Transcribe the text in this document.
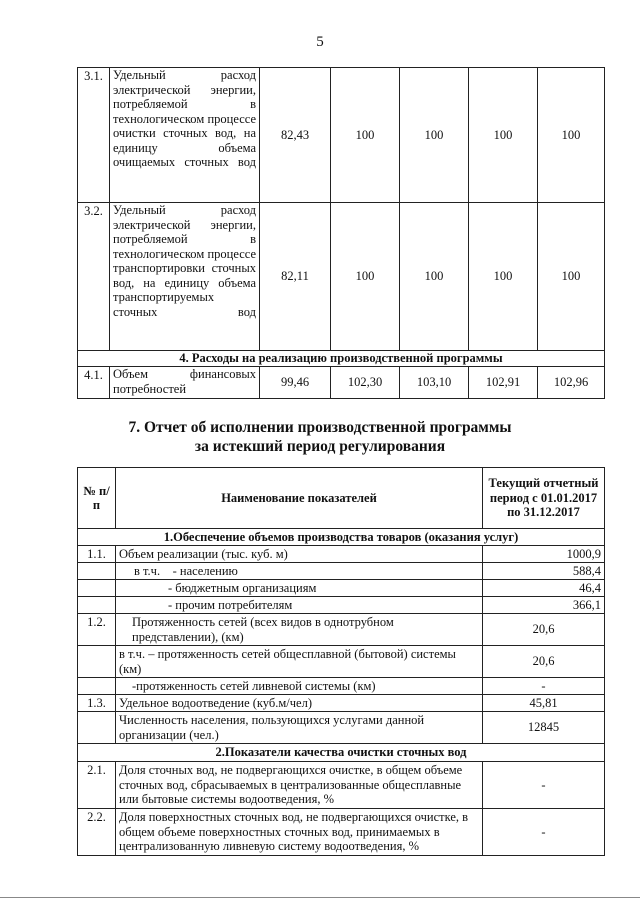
5
3.1.	Удельный расход электрической энергии, потребляемой в технологическом процессе очистки сточных вод, на единицу объема очищаемых сточных вод	82,43	100	100	100	100
3.2.	Удельный расход электрической энергии, потребляемой в технологическом процессе транспортировки сточных вод, на единицу объема транспортируемых сточных вод	82,11	100	100	100	100
4. Расходы на реализацию производственной программы						
4.1.	Объем финансовых потребностей	99,46	102,30	103,10	102,91	102,96
7. Отчет об исполнении производственной программы
за истекший период регулирования
№ п/п	Наименование показателей	Текущий отчетный период с 01.01.2017 по 31.12.2017
1.Обеспечение объемов производства товаров (оказания услуг)		
1.1.	Объем реализации (тыс. куб. м)	1000,9
	в т.ч.    - населению	588,4
	- бюджетным организациям	46,4
	- прочим потребителям	366,1
1.2.	Протяженность сетей (всех видов в однотрубном представлении), (км)	20,6
	в т.ч. – протяженность сетей общесплавной (бытовой) системы (км)	20,6
	-протяженность сетей ливневой системы (км)	-
1.3.	Удельное водоотведение (куб.м/чел)	45,81
	Численность населения, пользующихся услугами данной организации (чел.)	12845
2.Показатели качества очистки сточных вод		
2.1.	Доля сточных вод, не подвергающихся очистке, в общем объеме сточных вод, сбрасываемых в централизованные общесплавные или бытовые системы водоотведения, %	-
2.2.	Доля поверхностных сточных вод, не подвергающихся очистке, в общем объеме поверхностных сточных вод, принимаемых в централизованную ливневую систему водоотведения, %	-
